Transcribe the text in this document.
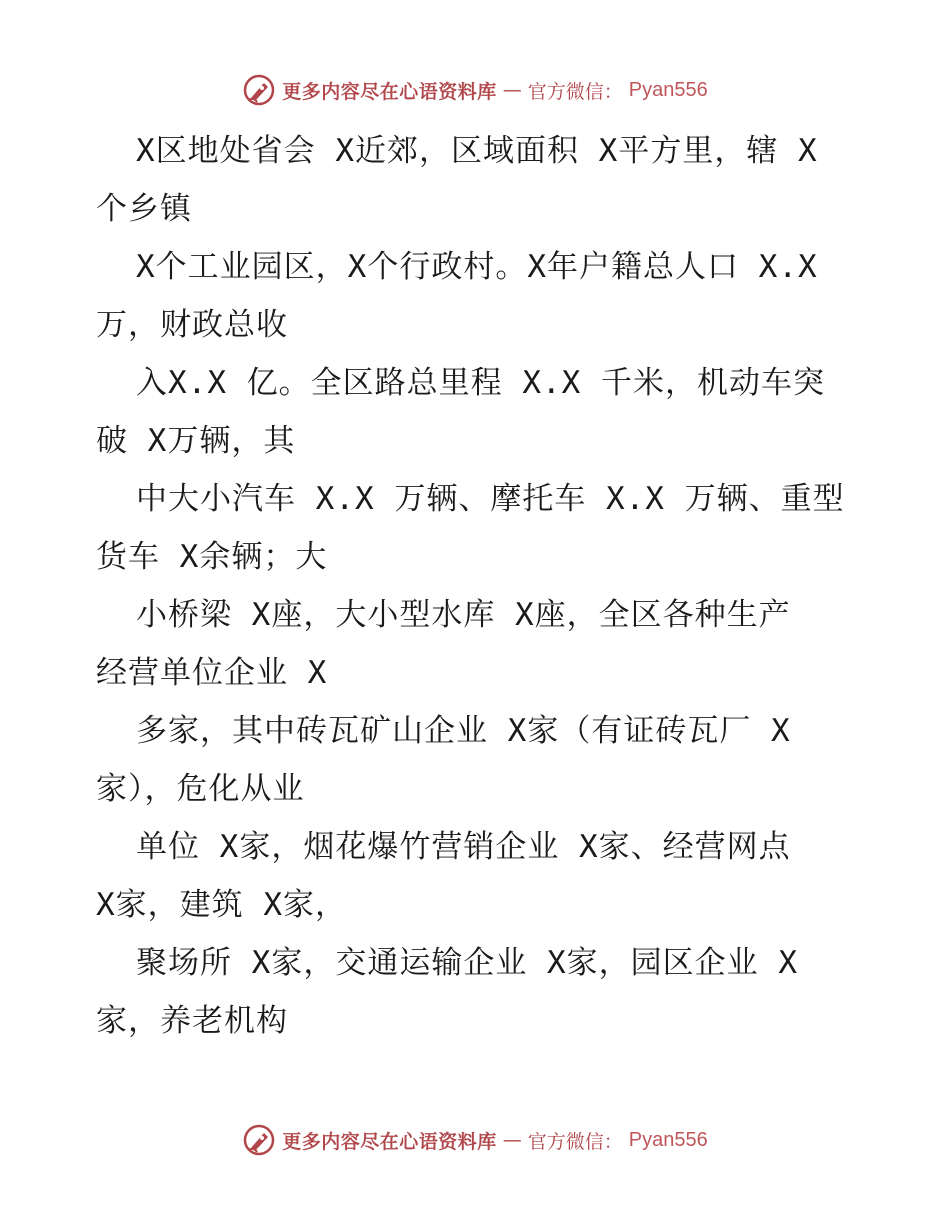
更多内容尽在心语资料库 — 官方微信： Pyan556

X区地处省会 X近郊，区域面积 X平方里，辖 X
个乡镇

X个工业园区，X个行政村。X年户籍总人口 X.X
万，财政总收

入X.X 亿。全区路总里程 X.X 千米，机动车突
破 X万辆，其

中大小汽车 X.X 万辆、摩托车 X.X 万辆、重型
货车 X余辆；大

小桥梁 X座，大小型水库 X座，全区各种生产
经营单位企业 X

多家，其中砖瓦矿山企业 X家（有证砖瓦厂 X
家），危化从业

单位 X家，烟花爆竹营销企业 X家、经营网点
X家，建筑 X家，

聚场所 X家，交通运输企业 X家，园区企业 X
家，养老机构

更多内容尽在心语资料库 — 官方微信： Pyan556
